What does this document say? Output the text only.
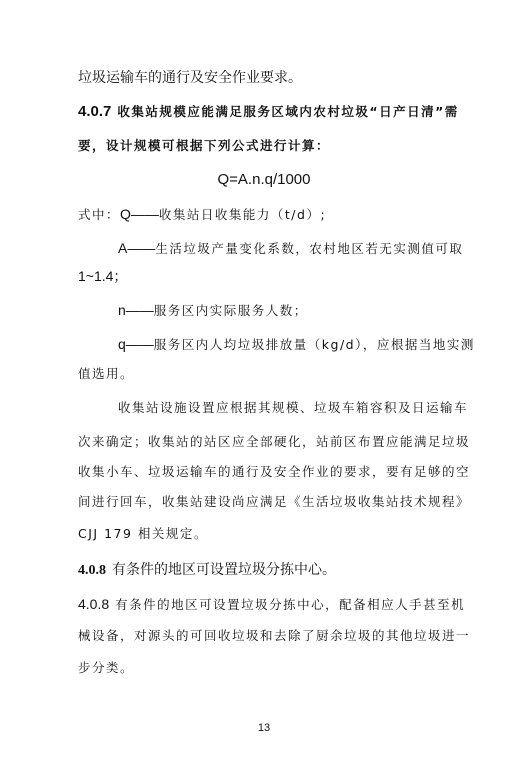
垃圾运输车的通行及安全作业要求。
4.0.7 收集站规模应能满足服务区域内农村垃圾“日产日清”需
要，设计规模可根据下列公式进行计算：
Q=A.n.q/1000
式中：Q——收集站日收集能力（t/d）;
A——生活垃圾产量变化系数，农村地区若无实测值可取
1~1.4；
n——服务区内实际服务人数；
q——服务区内人均垃圾排放量（kg/d），应根据当地实测
值选用。
收集站设施设置应根据其规模、垃圾车箱容积及日运输车
次来确定；收集站的站区应全部硬化，站前区布置应能满足垃圾
收集小车、垃圾运输车的通行及安全作业的要求，要有足够的空
间进行回车，收集站建设尚应满足《生活垃圾收集站技术规程》
CJJ 179 相关规定。
4.0.8 有条件的地区可设置垃圾分拣中心。
4.0.8 有条件的地区可设置垃圾分拣中心，配备相应人手甚至机
械设备，对源头的可回收垃圾和去除了厨余垃圾的其他垃圾进一
步分类。
13
